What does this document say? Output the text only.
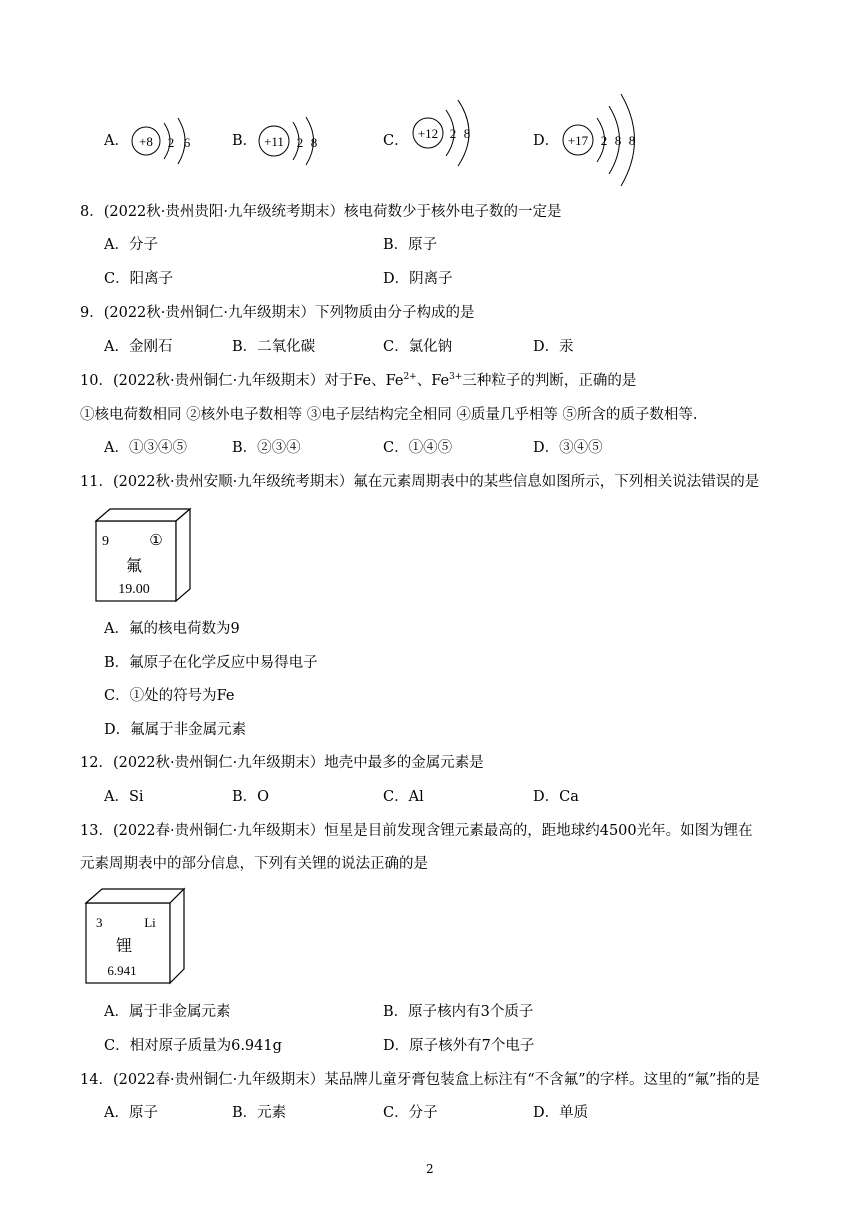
A． +8 2 6	B． +11 2 8	C． +12 2 8	D． +17 2 8 8
8．(2022秋·贵州贵阳·九年级统考期末）核电荷数少于核外电子数的一定是
A．分子	B．原子
C．阳离子	D．阴离子
9．(2022秋·贵州铜仁·九年级期末）下列物质由分子构成的是
A．金刚石	B．二氧化碳	C．氯化钠	D．汞
10．(2022秋·贵州铜仁·九年级期末）对于Fe、$Fe^{2+}$、$Fe^{3+}$三种粒子的判断，正确的是
①核电荷数相同 ②核外电子数相等 ③电子层结构完全相同 ④质量几乎相等 ⑤所含的质子数相等.
A．①③④⑤	B．②③④	C．①④⑤	D．③④⑤
11．(2022秋·贵州安顺·九年级统考期末）氟在元素周期表中的某些信息如图所示，下列相关说法错误的是
9	①
氟
19.00
A．氟的核电荷数为9
B．氟原子在化学反应中易得电子
C．①处的符号为Fe
D．氟属于非金属元素
12．(2022秋·贵州铜仁·九年级期末）地壳中最多的金属元素是
A．Si	B．O	C．Al	D．Ca
13．(2022春·贵州铜仁·九年级期末）恒星是目前发现含锂元素最高的，距地球约4500光年。如图为锂在
元素周期表中的部分信息，下列有关锂的说法正确的是
3	Li
锂
6.941
A．属于非金属元素	B．原子核内有3个质子
C．相对原子质量为6.941g	D．原子核外有7个电子
14．(2022春·贵州铜仁·九年级期末）某品牌儿童牙膏包装盒上标注有“不含氟”的字样。这里的“氟”指的是
A．原子	B．元素	C．分子	D．单质
2
